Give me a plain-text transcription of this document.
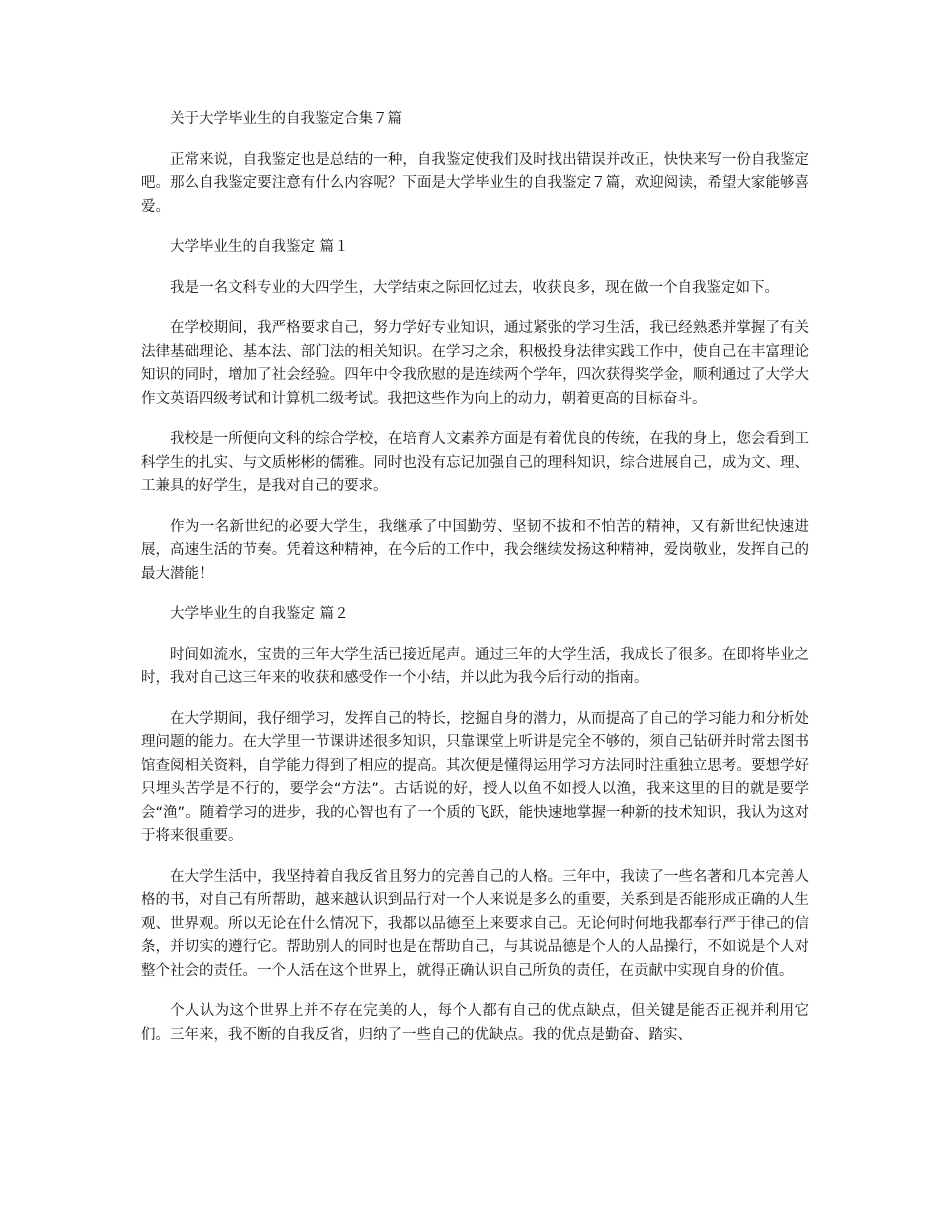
关于大学毕业生的自我鉴定合集７篇

正常来说，自我鉴定也是总结的一种，自我鉴定使我们及时找出错误并改正，快快来写一份自我鉴定吧。那么自我鉴定要注意有什么内容呢？下面是大学毕业生的自我鉴定７篇，欢迎阅读，希望大家能够喜爱。

大学毕业生的自我鉴定 篇１

我是一名文科专业的大四学生，大学结束之际回忆过去，收获良多，现在做一个自我鉴定如下。

在学校期间，我严格要求自己，努力学好专业知识，通过紧张的学习生活，我已经熟悉并掌握了有关法律基础理论、基本法、部门法的相关知识。在学习之余，积极投身法律实践工作中，使自己在丰富理论知识的同时，增加了社会经验。四年中令我欣慰的是连续两个学年，四次获得奖学金，顺利通过了大学大作文英语四级考试和计算机二级考试。我把这些作为向上的动力，朝着更高的目标奋斗。

我校是一所便向文科的综合学校，在培育人文素养方面是有着优良的传统，在我的身上，您会看到工科学生的扎实、与文质彬彬的儒雅。同时也没有忘记加强自己的理科知识，综合进展自己，成为文、理、工兼具的好学生，是我对自己的要求。

作为一名新世纪的必要大学生，我继承了中国勤劳、坚韧不拔和不怕苦的精神，又有新世纪快速进展，高速生活的节奏。凭着这种精神，在今后的工作中，我会继续发扬这种精神，爱岗敬业，发挥自己的最大潜能！

大学毕业生的自我鉴定 篇２

时间如流水，宝贵的三年大学生活已接近尾声。通过三年的大学生活，我成长了很多。在即将毕业之时，我对自己这三年来的收获和感受作一个小结，并以此为我今后行动的指南。

在大学期间，我仔细学习，发挥自己的特长，挖掘自身的潜力，从而提高了自己的学习能力和分析处理问题的能力。在大学里一节课讲述很多知识，只靠课堂上听讲是完全不够的，须自己钻研并时常去图书馆查阅相关资料，自学能力得到了相应的提高。其次便是懂得运用学习方法同时注重独立思考。要想学好只埋头苦学是不行的，要学会“方法”。古话说的好，授人以鱼不如授人以渔，我来这里的目的就是要学会“渔”。随着学习的进步，我的心智也有了一个质的飞跃，能快速地掌握一种新的技术知识，我认为这对于将来很重要。

在大学生活中，我坚持着自我反省且努力的完善自己的人格。三年中，我读了一些名著和几本完善人格的书，对自己有所帮助，越来越认识到品行对一个人来说是多么的重要，关系到是否能形成正确的人生观、世界观。所以无论在什么情况下，我都以品德至上来要求自己。无论何时何地我都奉行严于律己的信条，并切实的遵行它。帮助别人的同时也是在帮助自己，与其说品德是个人的人品操行，不如说是个人对整个社会的责任。一个人活在这个世界上，就得正确认识自己所负的责任，在贡献中实现自身的价值。

个人认为这个世界上并不存在完美的人，每个人都有自己的优点缺点，但关键是能否正视并利用它们。三年来，我不断的自我反省，归纳了一些自己的优缺点。我的优点是勤奋、踏实、
